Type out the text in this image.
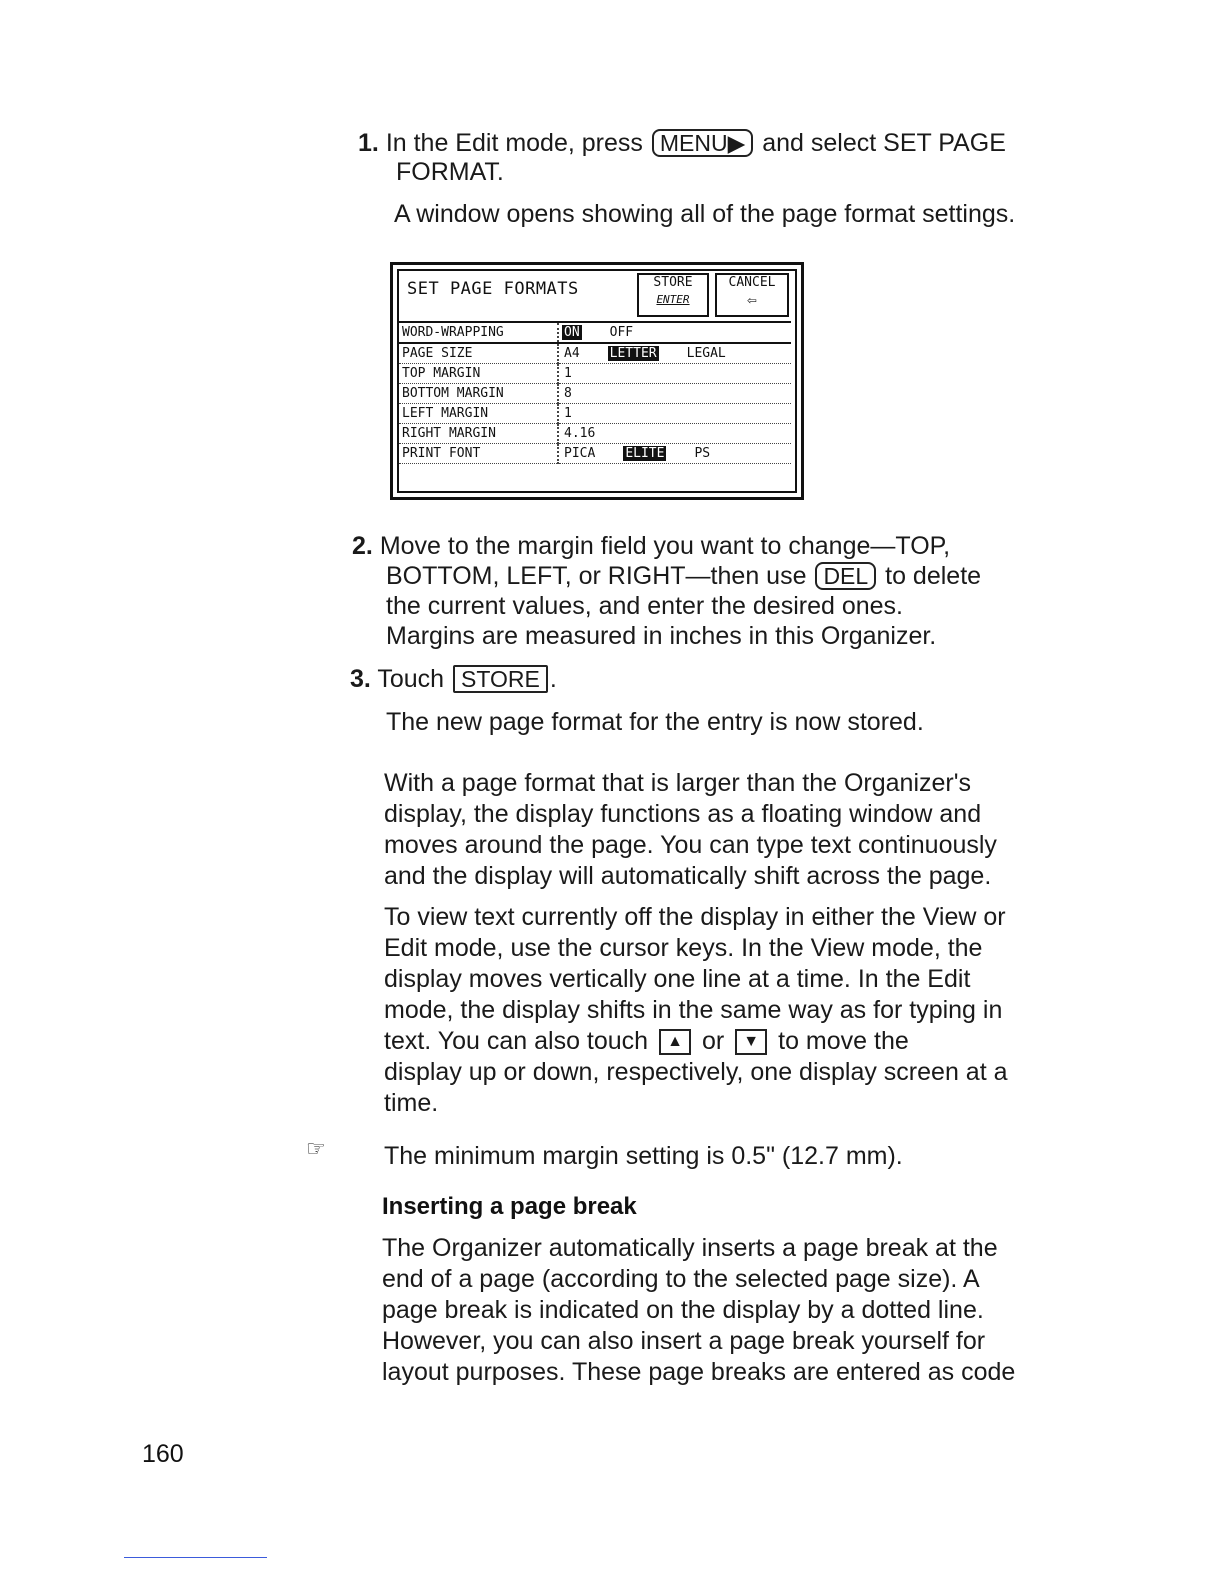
1. In the Edit mode, press MENU▶ and select SET PAGE
FORMAT.
A window opens showing all of the page format settings.
SET PAGE FORMATS	STORE
ENTER
CANCEL
⇦
WORD-WRAPPING	ON OFF
PAGE SIZE	A4 LETTER LEGAL
TOP MARGIN	1
BOTTOM MARGIN	8
LEFT MARGIN	1
RIGHT MARGIN	4.16
PRINT FONT	PICA ELITE PS
2. Move to the margin field you want to change—TOP,
BOTTOM, LEFT, or RIGHT—then use DEL to delete
the current values, and enter the desired ones.
Margins are measured in inches in this Organizer.
3. Touch STORE .
The new page format for the entry is now stored.
With a page format that is larger than the Organizer's
display, the display functions as a floating window and
moves around the page. You can type text continuously
and the display will automatically shift across the page.
To view text currently off the display in either the View or
Edit mode, use the cursor keys. In the View mode, the
display moves vertically one line at a time. In the Edit
mode, the display shifts in the same way as for typing in
text. You can also touch ▲ or ▼ to move the
display up or down, respectively, one display screen at a
time.
☞ The minimum margin setting is 0.5" (12.7 mm).
Inserting a page break
The Organizer automatically inserts a page break at the
end of a page (according to the selected page size). A
page break is indicated on the display by a dotted line.
However, you can also insert a page break yourself for
layout purposes. These page breaks are entered as code
160
